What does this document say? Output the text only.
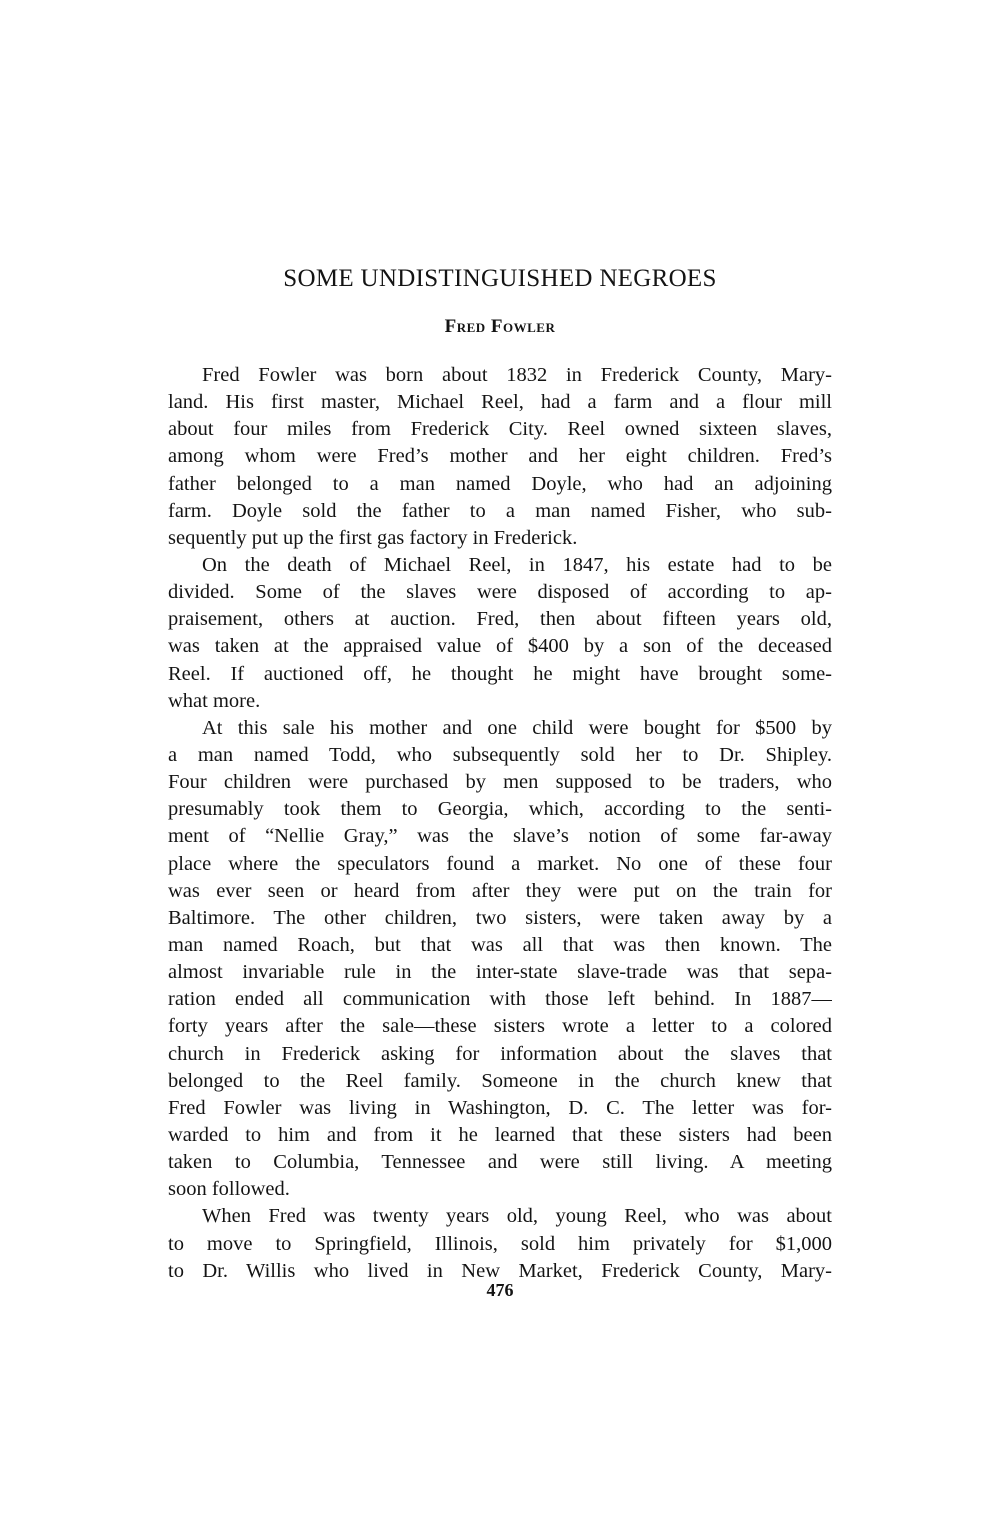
SOME UNDISTINGUISHED NEGROES
Fred Fowler
Fred Fowler was born about 1832 in Frederick County, Mary-
land. His first master, Michael Reel, had a farm and a flour mill
about four miles from Frederick City. Reel owned sixteen slaves,
among whom were Fred’s mother and her eight children. Fred’s
father belonged to a man named Doyle, who had an adjoining
farm. Doyle sold the father to a man named Fisher, who sub-
sequently put up the first gas factory in Frederick.
On the death of Michael Reel, in 1847, his estate had to be
divided. Some of the slaves were disposed of according to ap-
praisement, others at auction. Fred, then about fifteen years old,
was taken at the appraised value of $400 by a son of the deceased
Reel. If auctioned off, he thought he might have brought some-
what more.
At this sale his mother and one child were bought for $500 by
a man named Todd, who subsequently sold her to Dr. Shipley.
Four children were purchased by men supposed to be traders, who
presumably took them to Georgia, which, according to the senti-
ment of “Nellie Gray,” was the slave’s notion of some far-away
place where the speculators found a market. No one of these four
was ever seen or heard from after they were put on the train for
Baltimore. The other children, two sisters, were taken away by a
man named Roach, but that was all that was then known. The
almost invariable rule in the inter-state slave-trade was that sepa-
ration ended all communication with those left behind. In 1887—
forty years after the sale—these sisters wrote a letter to a colored
church in Frederick asking for information about the slaves that
belonged to the Reel family. Someone in the church knew that
Fred Fowler was living in Washington, D. C. The letter was for-
warded to him and from it he learned that these sisters had been
taken to Columbia, Tennessee and were still living. A meeting
soon followed.
When Fred was twenty years old, young Reel, who was about
to move to Springfield, Illinois, sold him privately for $1,000
to Dr. Willis who lived in New Market, Frederick County, Mary-
476
